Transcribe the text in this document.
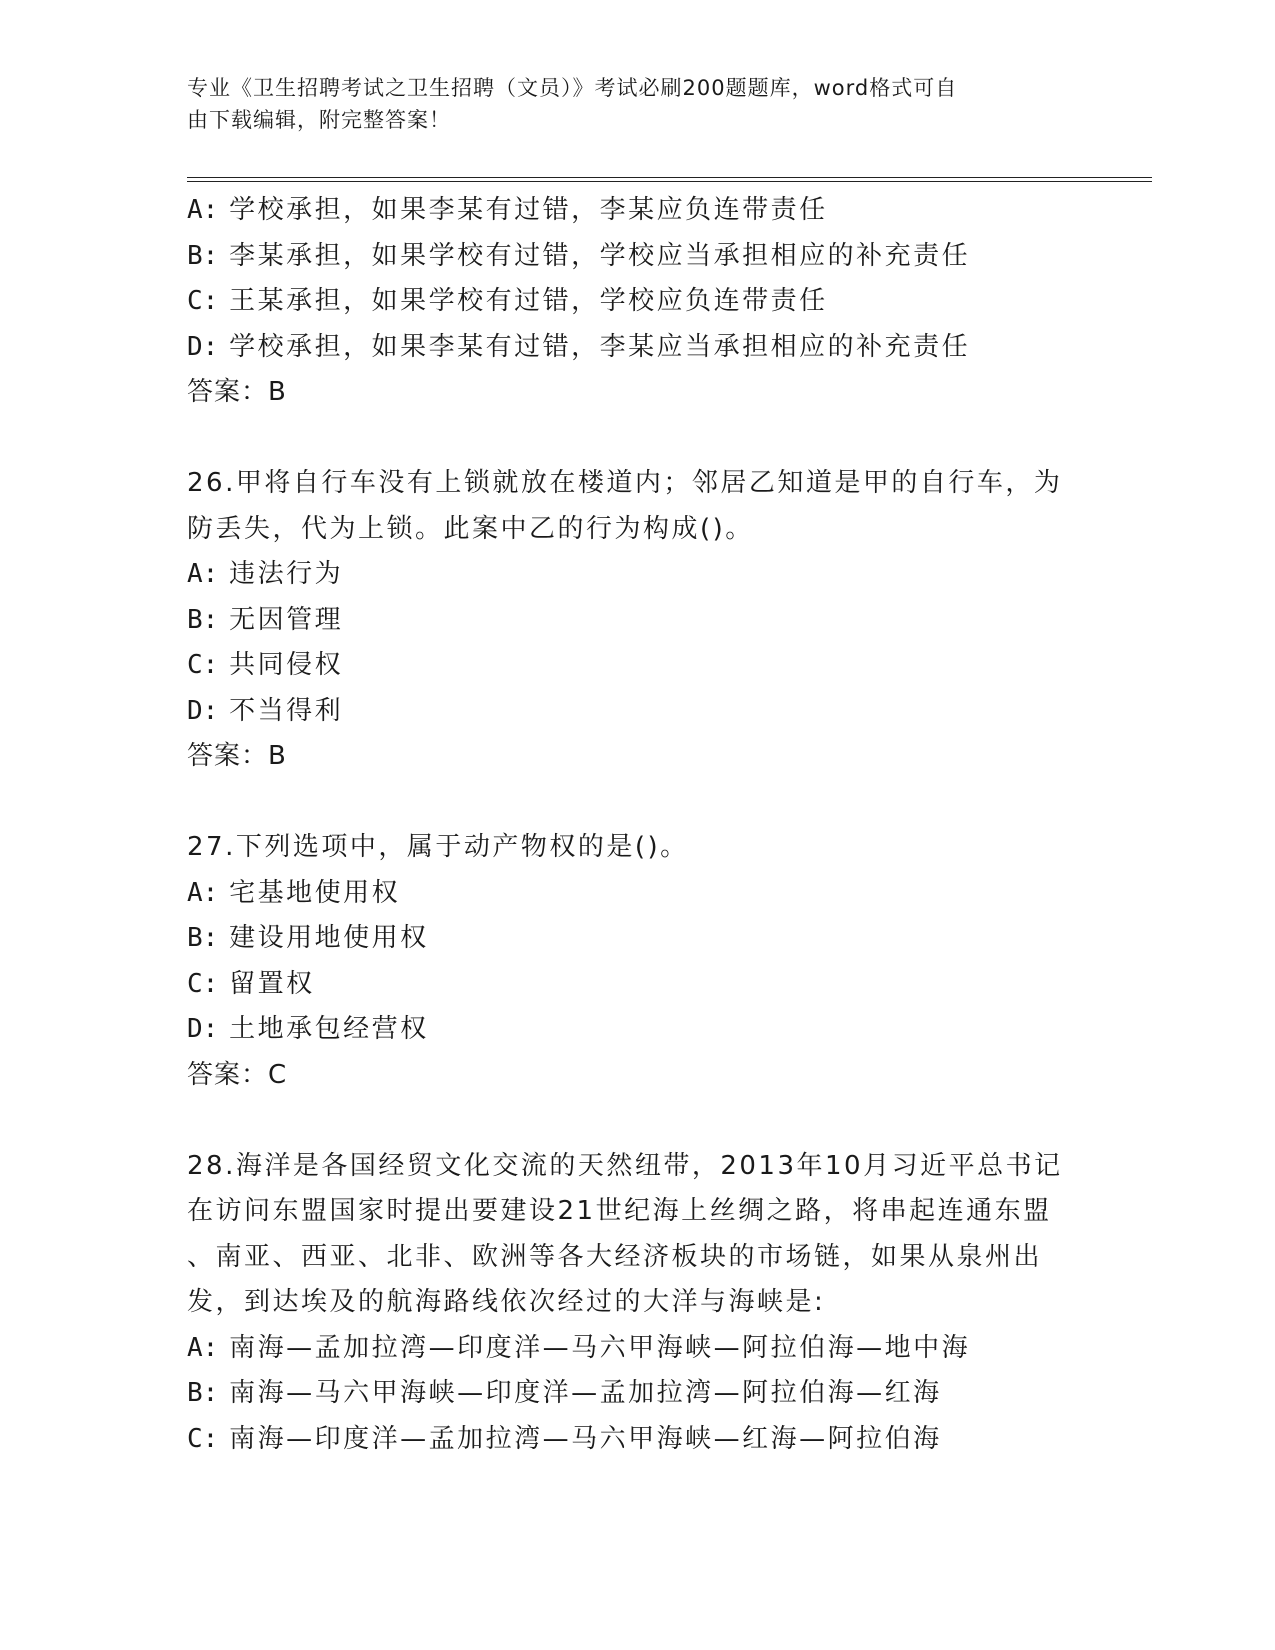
专业《卫生招聘考试之卫生招聘（文员）》考试必刷200题题库，word格式可自
由下载编辑，附完整答案！

A: 学校承担，如果李某有过错，李某应负连带责任

B: 李某承担，如果学校有过错，学校应当承担相应的补充责任

C: 王某承担，如果学校有过错，学校应负连带责任

D: 学校承担，如果李某有过错，李某应当承担相应的补充责任

答案：B

26.甲将自行车没有上锁就放在楼道内；邻居乙知道是甲的自行车，为

防丢失，代为上锁。此案中乙的行为构成()。

A: 违法行为

B: 无因管理

C: 共同侵权

D: 不当得利

答案：B

27.下列选项中，属于动产物权的是()。

A: 宅基地使用权

B: 建设用地使用权

C: 留置权

D: 土地承包经营权

答案：C

28.海洋是各国经贸文化交流的天然纽带，2013年10月习近平总书记

在访问东盟国家时提出要建设21世纪海上丝绸之路，将串起连通东盟

、南亚、西亚、北非、欧洲等各大经济板块的市场链，如果从泉州出

发，到达埃及的航海路线依次经过的大洋与海峡是:

A: 南海—孟加拉湾—印度洋—马六甲海峡—阿拉伯海—地中海

B: 南海—马六甲海峡—印度洋—孟加拉湾—阿拉伯海—红海

C: 南海—印度洋—孟加拉湾—马六甲海峡—红海—阿拉伯海
